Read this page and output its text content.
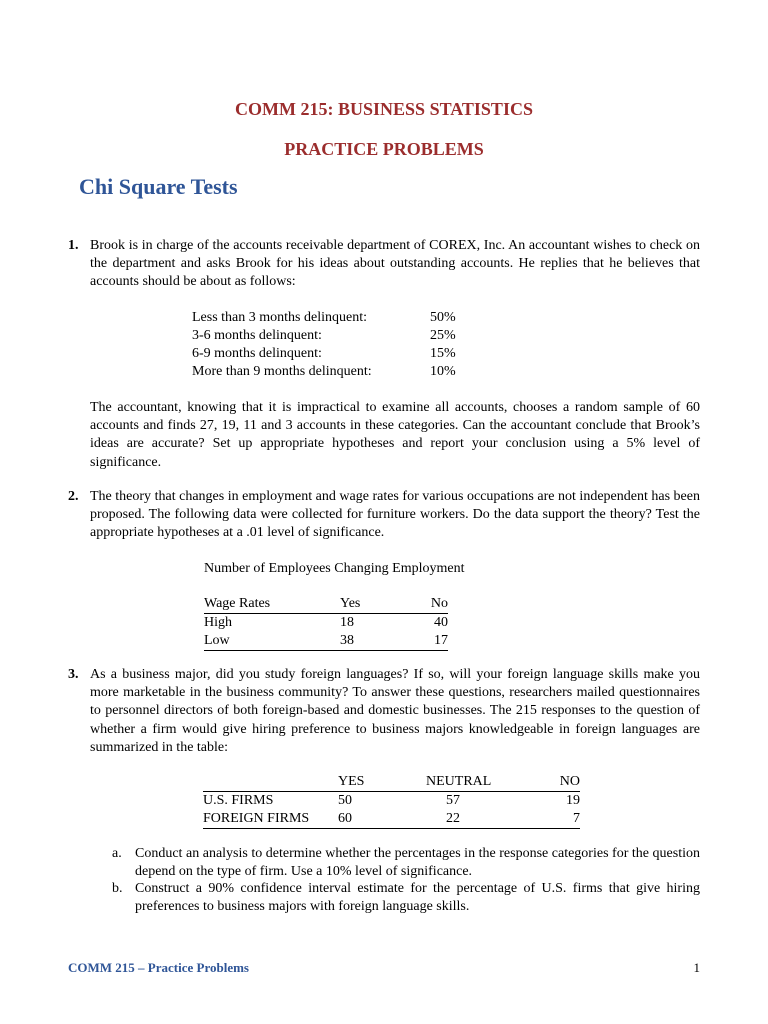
COMM 215: BUSINESS STATISTICS
PRACTICE PROBLEMS
Chi Square Tests
1. Brook is in charge of the accounts receivable department of COREX, Inc. An accountant wishes to check on the department and asks Brook for his ideas about outstanding accounts. He replies that he believes that accounts should be about as follows:
Less than 3 months delinquent:	50%
3-6 months delinquent:	25%
6-9 months delinquent:	15%
More than 9 months delinquent:	10%
The accountant, knowing that it is impractical to examine all accounts, chooses a random sample of 60 accounts and finds 27, 19, 11 and 3 accounts in these categories. Can the accountant conclude that Brook’s ideas are accurate? Set up appropriate hypotheses and report your conclusion using a 5% level of significance.
2. The theory that changes in employment and wage rates for various occupations are not independent has been proposed. The following data were collected for furniture workers. Do the data support the theory? Test the appropriate hypotheses at a .01 level of significance.
Number of Employees Changing Employment
Wage Rates	Yes	No
High	18	40
Low	38	17
3. As a business major, did you study foreign languages? If so, will your foreign language skills make you more marketable in the business community? To answer these questions, researchers mailed questionnaires to personnel directors of both foreign-based and domestic businesses. The 215 responses to the question of whether a firm would give hiring preference to business majors knowledgeable in foreign languages are summarized in the table:
	YES	NEUTRAL	NO
U.S. FIRMS	50	57	19
FOREIGN FIRMS	60	22	7
a. Conduct an analysis to determine whether the percentages in the response categories for the question depend on the type of firm. Use a 10% level of significance.
b. Construct a 90% confidence interval estimate for the percentage of U.S. firms that give hiring preferences to business majors with foreign language skills.
COMM 215 – Practice Problems	1
